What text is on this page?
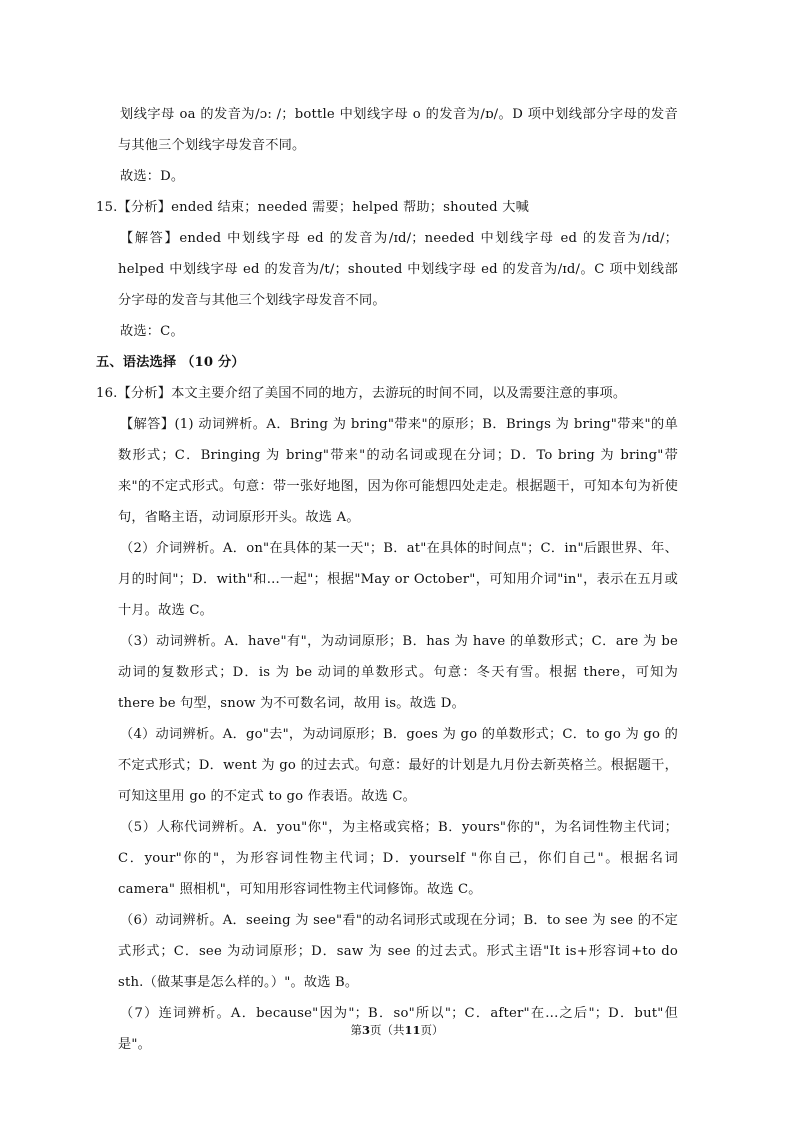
划线字母 oa 的发音为/ɔ: /；bottle 中划线字母 o 的发音为/ɒ/。D 项中划线部分字母的发音与其他三个划线字母发音不同。

故选：D。

15.【分析】ended 结束；needed 需要；helped 帮助；shouted 大喊

【解答】ended 中划线字母 ed 的发音为/ɪd/；needed 中划线字母 ed 的发音为/ɪd/；helped 中划线字母 ed 的发音为/t/；shouted 中划线字母 ed 的发音为/ɪd/。C 项中划线部分字母的发音与其他三个划线字母发音不同。

故选：C。

五、语法选择 （10 分）

16.【分析】本文主要介绍了美国不同的地方，去游玩的时间不同，以及需要注意的事项。

【解答】(1) 动词辨析。A．Bring 为 bring"带来"的原形；B．Brings 为 bring"带来"的单数形式；C．Bringing 为 bring"带来"的动名词或现在分词；D．To bring 为 bring"带来"的不定式形式。句意：带一张好地图，因为你可能想四处走走。根据题干，可知本句为祈使句，省略主语，动词原形开头。故选 A。

（2）介词辨析。A．on"在具体的某一天"；B．at"在具体的时间点"；C．in"后跟世界、年、月的时间"；D．with"和...一起"；根据"May or October"，可知用介词"in"，表示在五月或十月。故选 C。

（3）动词辨析。A．have"有"，为动词原形；B．has 为 have 的单数形式；C．are 为 be 动词的复数形式；D．is 为 be 动词的单数形式。句意：冬天有雪。根据 there，可知为 there be 句型，snow 为不可数名词，故用 is。故选 D。

（4）动词辨析。A．go"去"，为动词原形；B．goes 为 go 的单数形式；C．to go 为 go 的不定式形式；D．went 为 go 的过去式。句意：最好的计划是九月份去新英格兰。根据题干，可知这里用 go 的不定式 to go 作表语。故选 C。

（5）人称代词辨析。A．you"你"，为主格或宾格；B．yours"你的"，为名词性物主代词；C．your"你的"，为形容词性物主代词；D．yourself "你自己，你们自己"。根据名词 camera" 照相机"，可知用形容词性物主代词修饰。故选 C。

（6）动词辨析。A．seeing 为 see"看"的动名词形式或现在分词；B．to see 为 see 的不定式形式；C．see 为动词原形；D．saw 为 see 的过去式。形式主语"It is+形容词+to do sth.（做某事是怎么样的。）"。故选 B。

（7）连词辨析。A．because"因为"；B．so"所以"；C．after"在...之后"；D．but"但是"。

第3页（共11页）
